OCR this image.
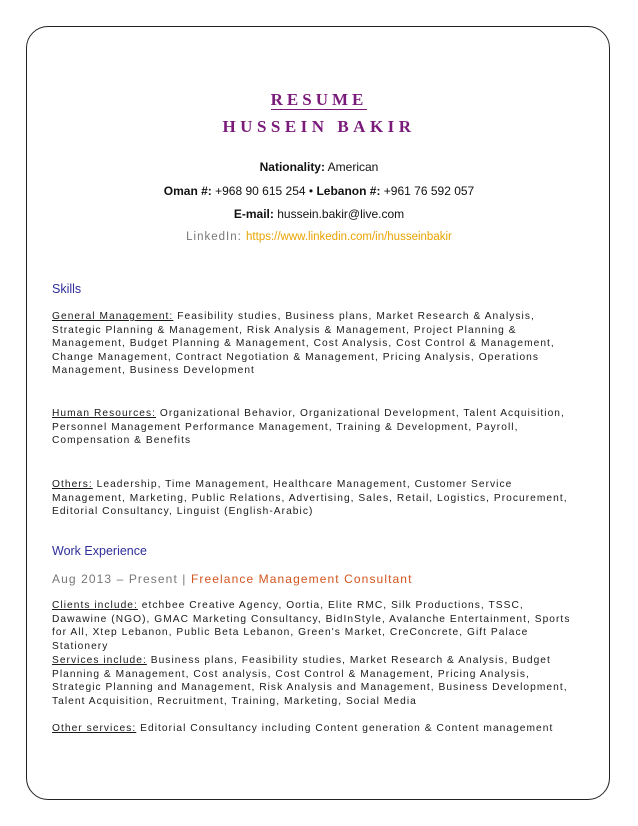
RESUME
HUSSEIN BAKIR
Nationality: American
Oman #: +968 90 615 254 • Lebanon #: +961 76 592 057
E-mail: hussein.bakir@live.com
LinkedIn: https://www.linkedin.com/in/husseinbakir
Skills
General Management: Feasibility studies, Business plans, Market Research & Analysis, Strategic Planning & Management, Risk Analysis & Management, Project Planning & Management, Budget Planning & Management, Cost Analysis, Cost Control & Management, Change Management, Contract Negotiation & Management, Pricing Analysis, Operations Management, Business Development
Human Resources: Organizational Behavior, Organizational Development, Talent Acquisition, Personnel Management Performance Management, Training & Development, Payroll, Compensation & Benefits
Others: Leadership, Time Management, Healthcare Management, Customer Service Management, Marketing, Public Relations, Advertising, Sales, Retail, Logistics, Procurement, Editorial Consultancy, Linguist (English-Arabic)
Work Experience
Aug 2013 – Present | Freelance Management Consultant
Clients include: etchbee Creative Agency, Oortia, Elite RMC, Silk Productions, TSSC, Dawawine (NGO), GMAC Marketing Consultancy, BidInStyle, Avalanche Entertainment, Sports for All, Xtep Lebanon, Public Beta Lebanon, Green's Market, CreConcrete, Gift Palace Stationery
Services include: Business plans, Feasibility studies, Market Research & Analysis, Budget Planning & Management, Cost analysis, Cost Control & Management, Pricing Analysis, Strategic Planning and Management, Risk Analysis and Management, Business Development, Talent Acquisition, Recruitment, Training, Marketing, Social Media
Other services: Editorial Consultancy including Content generation & Content management
